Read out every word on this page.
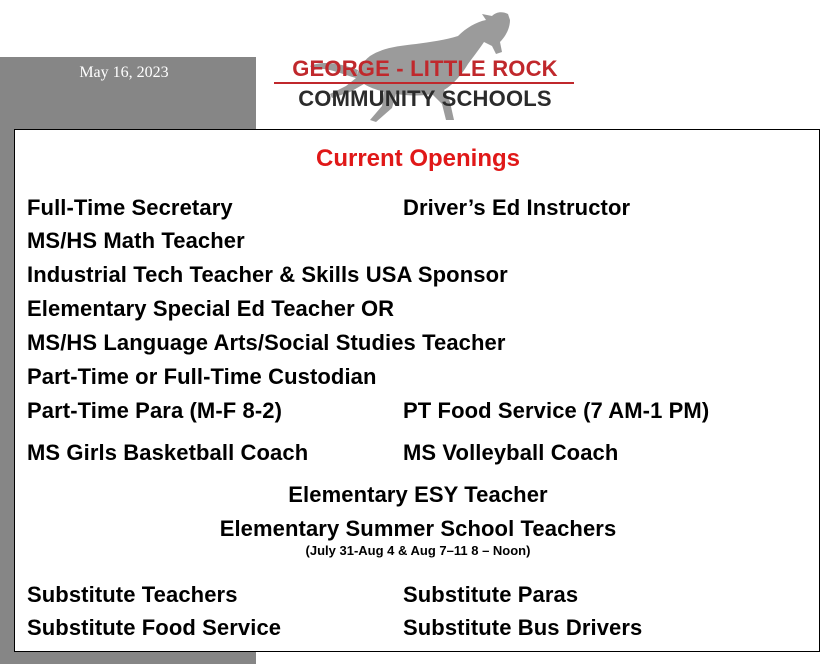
May 16, 2023	GEORGE - LITTLE ROCK
COMMUNITY SCHOOLS
Current Openings
Full-Time Secretary	Driver’s Ed Instructor
MS/HS Math Teacher
Industrial Tech Teacher & Skills USA Sponsor
Elementary Special Ed Teacher OR
MS/HS Language Arts/Social Studies Teacher
Part-Time or Full-Time Custodian
Part-Time Para (M-F 8-2)	PT Food Service (7 AM-1 PM)
MS Girls Basketball Coach	MS Volleyball Coach
Elementary ESY Teacher
Elementary Summer School Teachers
(July 31-Aug 4 & Aug 7–11 8 – Noon)
Substitute Teachers	Substitute Paras
Substitute Food Service	Substitute Bus Drivers
